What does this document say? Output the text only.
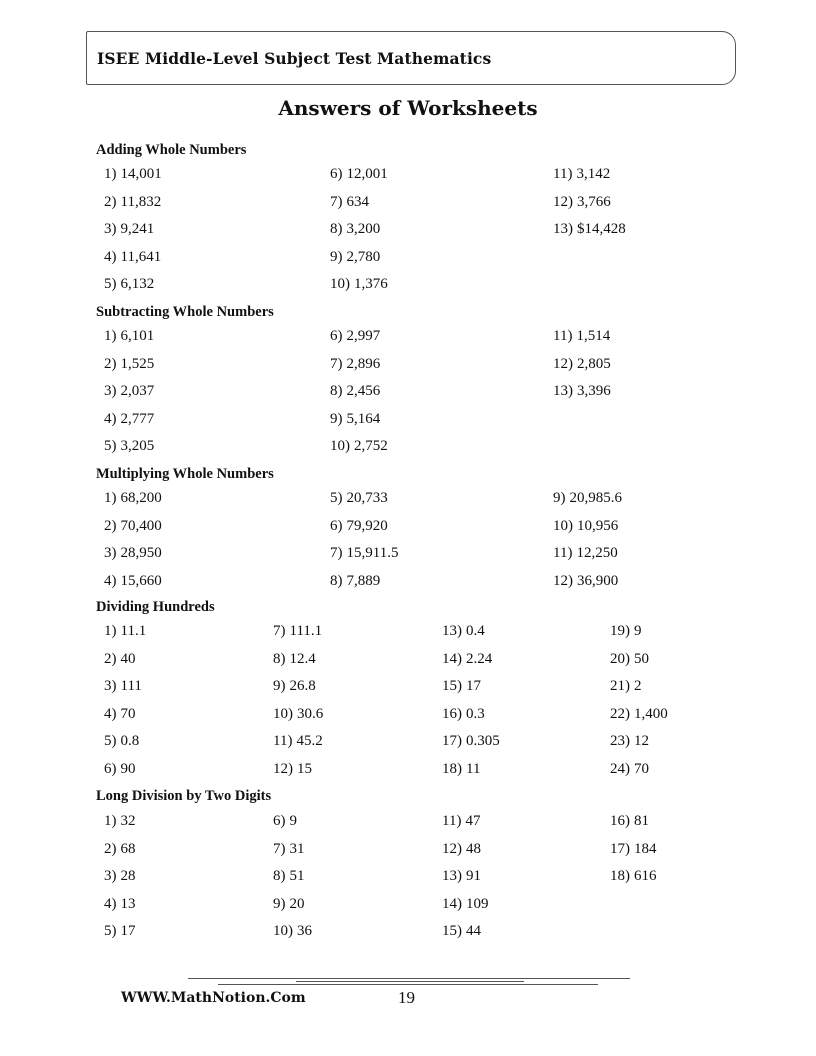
ISEE Middle-Level Subject Test Mathematics
Answers of Worksheets
Adding Whole Numbers
1) 14,001
2) 11,832
3) 9,241
4) 11,641
5) 6,132
6) 12,001
7) 634
8) 3,200
9) 2,780
10) 1,376
11) 3,142
12) 3,766
13) $14,428
Subtracting Whole Numbers
1) 6,101
2) 1,525
3) 2,037
4) 2,777
5) 3,205
6) 2,997
7) 2,896
8) 2,456
9) 5,164
10) 2,752
11) 1,514
12) 2,805
13) 3,396
Multiplying Whole Numbers
1) 68,200
2) 70,400
3) 28,950
4) 15,660
5) 20,733
6) 79,920
7) 15,911.5
8) 7,889
9) 20,985.6
10) 10,956
11) 12,250
12) 36,900
Dividing Hundreds
1) 11.1
2) 40
3) 111
4) 70
5) 0.8
6) 90
7) 111.1
8) 12.4
9) 26.8
10) 30.6
11) 45.2
12) 15
13) 0.4
14) 2.24
15) 17
16) 0.3
17) 0.305
18) 11
19) 9
20) 50
21) 2
22) 1,400
23) 12
24) 70
Long Division by Two Digits
1) 32
2) 68
3) 28
4) 13
5) 17
6) 9
7) 31
8) 51
9) 20
10) 36
11) 47
12) 48
13) 91
14) 109
15) 44
16) 81
17) 184
18) 616
WWW.MathNotion.Com	19
